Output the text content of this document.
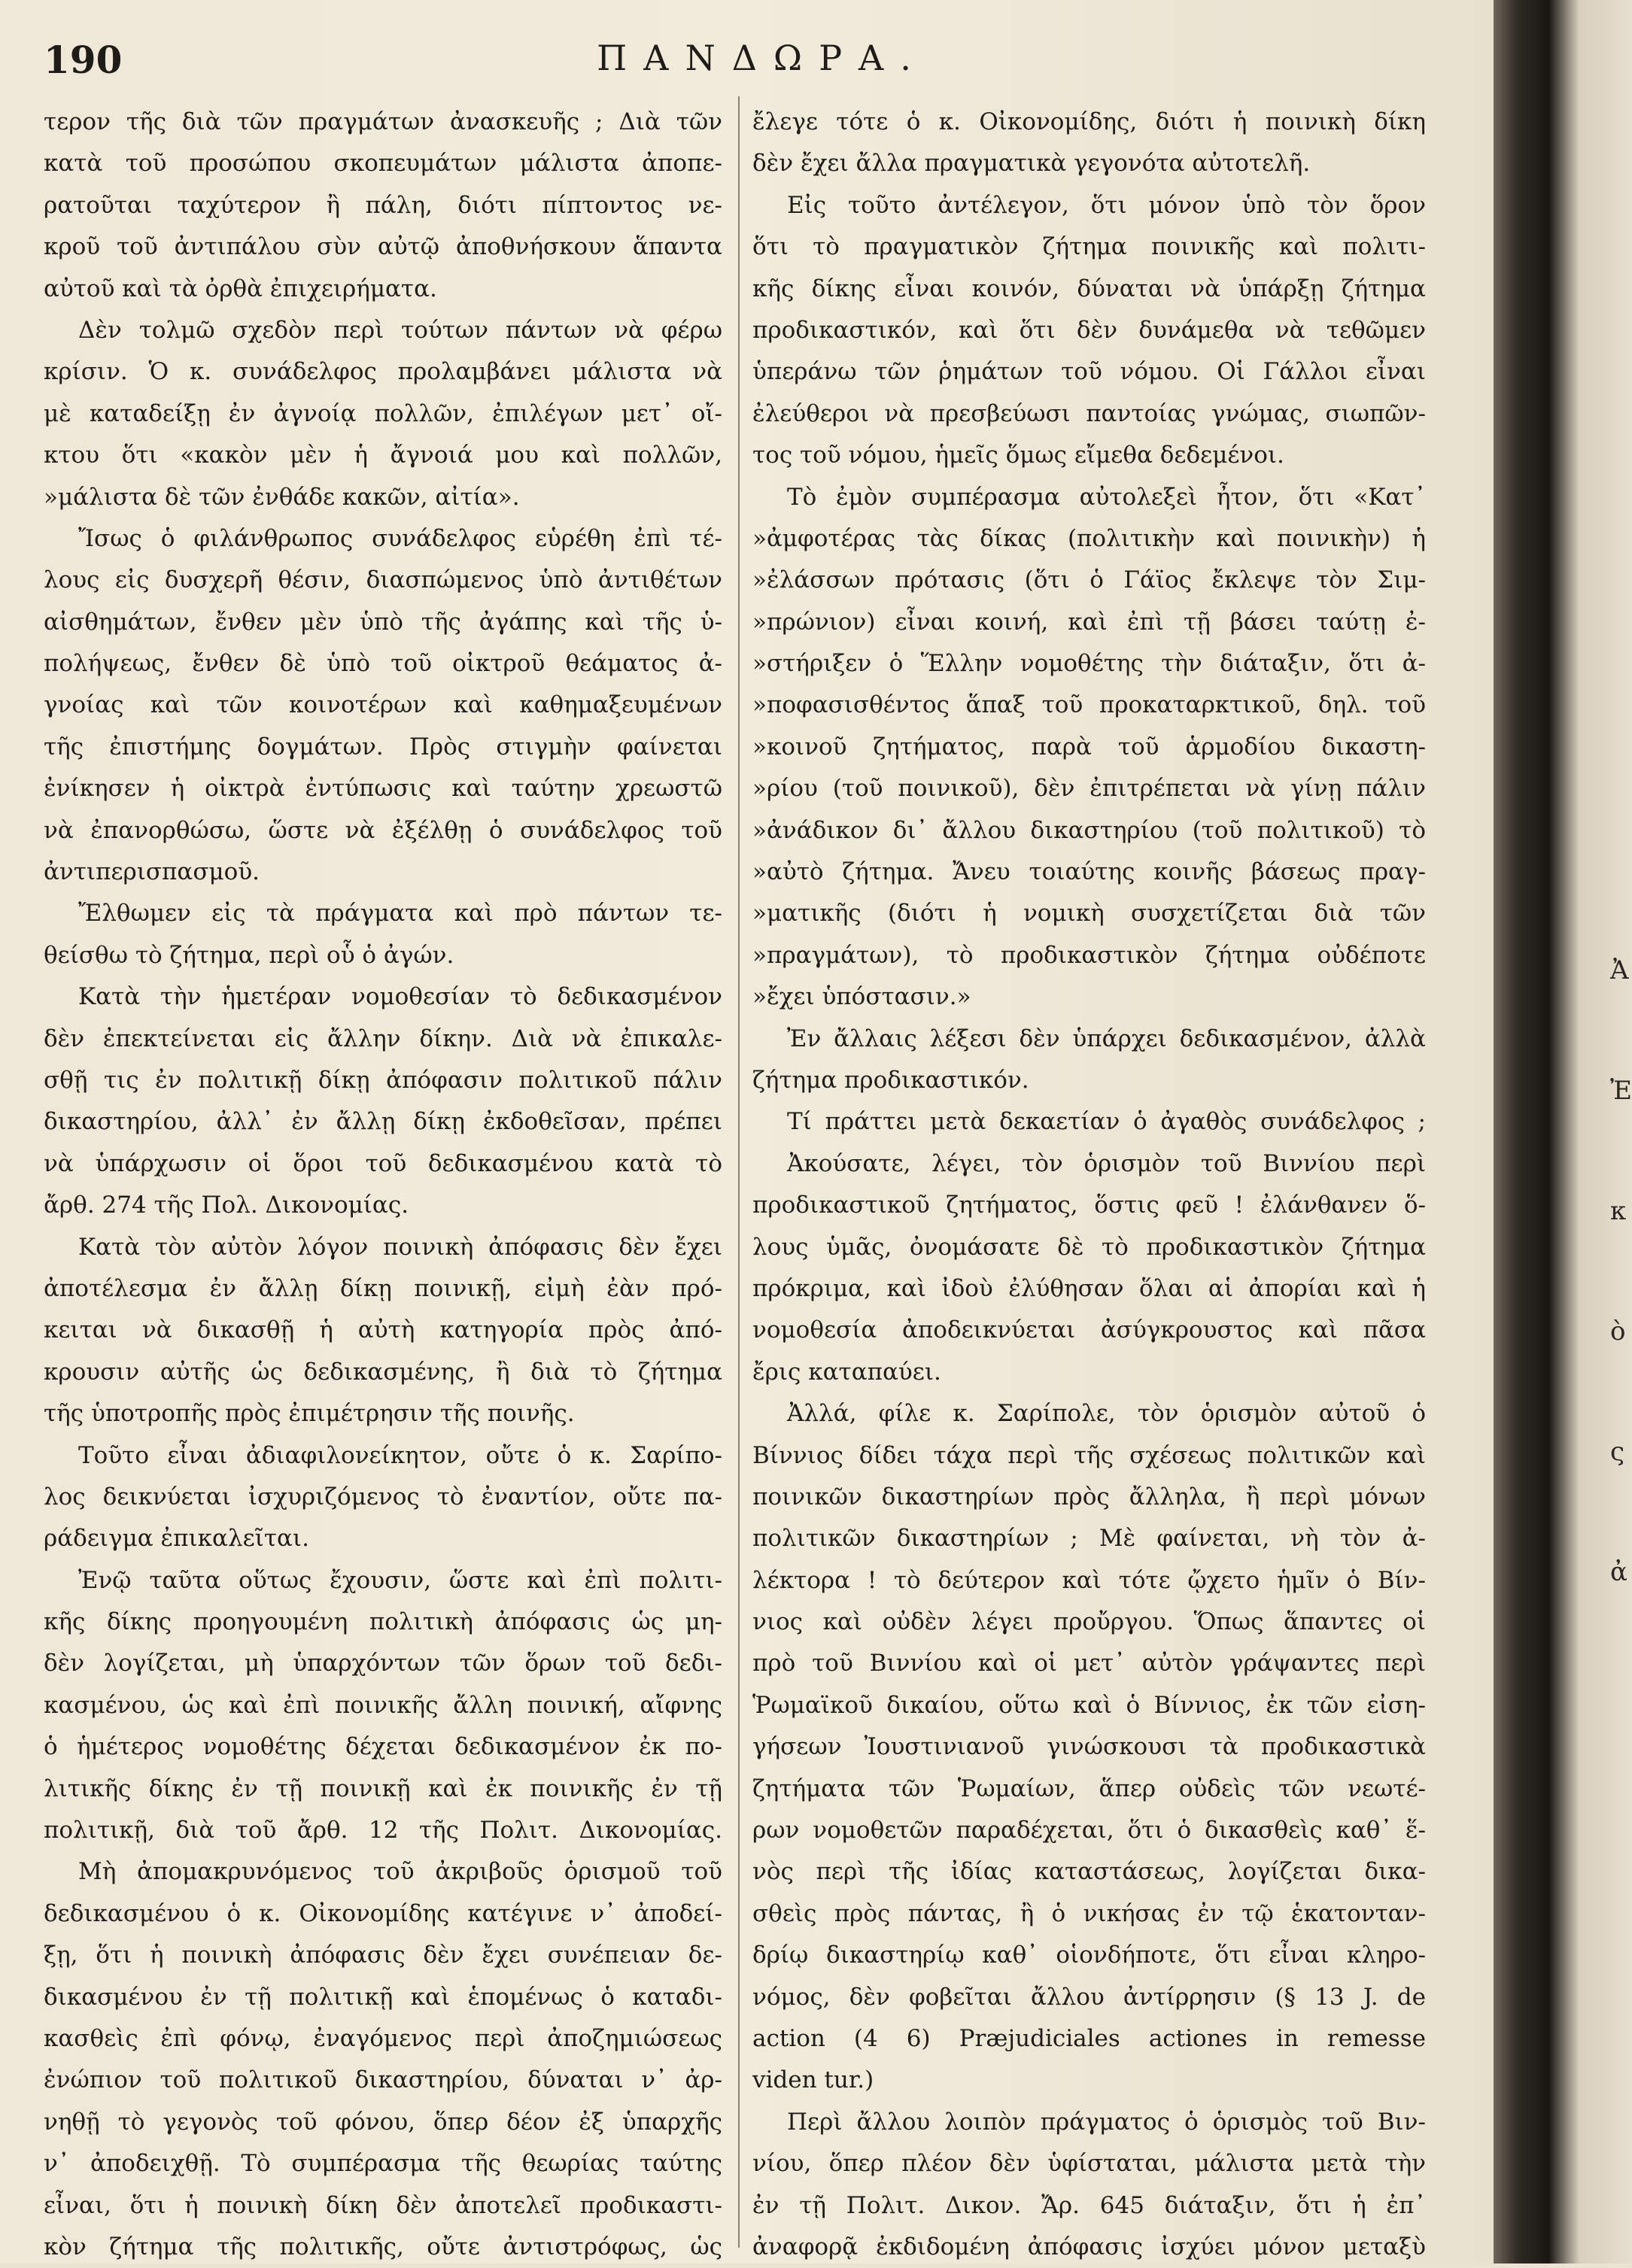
Ἀ
Ἐ
κ
ὸ
ς
ἀ
190	ΠΑΝΔΩΡΑ.
τερον τῆς διὰ τῶν πραγμάτων ἀνασκευῆς ; Διὰ τῶν
κατὰ τοῦ προσώπου σκοπευμάτων μάλιστα ἀποπε-
ρατοῦται ταχύτερον ἢ πάλη, διότι πίπτοντος νε-
κροῦ τοῦ ἀντιπάλου σὺν αὐτῷ ἀποθνήσκουν ἅπαντα
αὐτοῦ καὶ τὰ ὀρθὰ ἐπιχειρήματα.
Δὲν τολμῶ σχεδὸν περὶ τούτων πάντων νὰ φέρω
κρίσιν. Ὁ κ. συνάδελφος προλαμβάνει μάλιστα νὰ
μὲ καταδείξῃ ἐν ἀγνοίᾳ πολλῶν, ἐπιλέγων μετ᾽ οἴ-
κτου ὅτι «κακὸν μὲν ἡ ἄγνοιά μου καὶ πολλῶν,
»μάλιστα δὲ τῶν ἐνθάδε κακῶν, αἰτία».
Ἴσως ὁ φιλάνθρωπος συνάδελφος εὑρέθη ἐπὶ τέ-
λους εἰς δυσχερῆ θέσιν, διασπώμενος ὑπὸ ἀντιθέτων
αἰσθημάτων, ἔνθεν μὲν ὑπὸ τῆς ἀγάπης καὶ τῆς ὑ-
πολήψεως, ἔνθεν δὲ ὑπὸ τοῦ οἰκτροῦ θεάματος ἀ-
γνοίας καὶ τῶν κοινοτέρων καὶ καθημαξευμένων
τῆς ἐπιστήμης δογμάτων. Πρὸς στιγμὴν φαίνεται
ἐνίκησεν ἡ οἰκτρὰ ἐντύπωσις καὶ ταύτην χρεωστῶ
νὰ ἐπανορθώσω, ὥστε νὰ ἐξέλθῃ ὁ συνάδελφος τοῦ
ἀντιπερισπασμοῦ.
Ἔλθωμεν εἰς τὰ πράγματα καὶ πρὸ πάντων τε-
θείσθω τὸ ζήτημα, περὶ οὗ ὁ ἀγών.
Κατὰ τὴν ἡμετέραν νομοθεσίαν τὸ δεδικασμένον
δὲν ἐπεκτείνεται εἰς ἄλλην δίκην. Διὰ νὰ ἐπικαλε-
σθῇ τις ἐν πολιτικῇ δίκῃ ἀπόφασιν πολιτικοῦ πάλιν
δικαστηρίου, ἀλλ᾽ ἐν ἄλλῃ δίκῃ ἐκδοθεῖσαν, πρέπει
νὰ ὑπάρχωσιν οἱ ὅροι τοῦ δεδικασμένου κατὰ τὸ
ἄρθ. 274 τῆς Πολ. Δικονομίας.
Κατὰ τὸν αὐτὸν λόγον ποινικὴ ἀπόφασις δὲν ἔχει
ἀποτέλεσμα ἐν ἄλλῃ δίκῃ ποινικῇ, εἰμὴ ἐὰν πρό-
κειται νὰ δικασθῇ ἡ αὐτὴ κατηγορία πρὸς ἀπό-
κρουσιν αὐτῆς ὡς δεδικασμένης, ἢ διὰ τὸ ζήτημα
τῆς ὑποτροπῆς πρὸς ἐπιμέτρησιν τῆς ποινῆς.
Τοῦτο εἶναι ἀδιαφιλονείκητον, οὔτε ὁ κ. Σαρίπο-
λος δεικνύεται ἰσχυριζόμενος τὸ ἐναντίον, οὔτε πα-
ράδειγμα ἐπικαλεῖται.
Ἐνῷ ταῦτα οὕτως ἔχουσιν, ὥστε καὶ ἐπὶ πολιτι-
κῆς δίκης προηγουμένη πολιτικὴ ἀπόφασις ὡς μη-
δὲν λογίζεται, μὴ ὑπαρχόντων τῶν ὅρων τοῦ δεδι-
κασμένου, ὡς καὶ ἐπὶ ποινικῆς ἄλλη ποινική, αἴφνης
ὁ ἡμέτερος νομοθέτης δέχεται δεδικασμένον ἐκ πο-
λιτικῆς δίκης ἐν τῇ ποινικῇ καὶ ἐκ ποινικῆς ἐν τῇ
πολιτικῇ, διὰ τοῦ ἄρθ. 12 τῆς Πολιτ. Δικονομίας.
Μὴ ἀπομακρυνόμενος τοῦ ἀκριβοῦς ὁρισμοῦ τοῦ
δεδικασμένου ὁ κ. Οἰκονομίδης κατέγινε ν᾽ ἀποδεί-
ξῃ, ὅτι ἡ ποινικὴ ἀπόφασις δὲν ἔχει συνέπειαν δε-
δικασμένου ἐν τῇ πολιτικῇ καὶ ἑπομένως ὁ καταδι-
κασθεὶς ἐπὶ φόνῳ, ἐναγόμενος περὶ ἀποζημιώσεως
ἐνώπιον τοῦ πολιτικοῦ δικαστηρίου, δύναται ν᾽ ἀρ-
νηθῇ τὸ γεγονὸς τοῦ φόνου, ὅπερ δέον ἐξ ὑπαρχῆς
ν᾽ ἀποδειχθῇ. Τὸ συμπέρασμα τῆς θεωρίας ταύτης
εἶναι, ὅτι ἡ ποινικὴ δίκη δὲν ἀποτελεῖ προδικαστι-
κὸν ζήτημα τῆς πολιτικῆς, οὔτε ἀντιστρόφως, ὡς
ἔλεγε τότε ὁ κ. Οἰκονομίδης, διότι ἡ ποινικὴ δίκη
δὲν ἔχει ἄλλα πραγματικὰ γεγονότα αὐτοτελῆ.
Εἰς τοῦτο ἀντέλεγον, ὅτι μόνον ὑπὸ τὸν ὅρον
ὅτι τὸ πραγματικὸν ζήτημα ποινικῆς καὶ πολιτι-
κῆς δίκης εἶναι κοινόν, δύναται νὰ ὑπάρξῃ ζήτημα
προδικαστικόν, καὶ ὅτι δὲν δυνάμεθα νὰ τεθῶμεν
ὑπεράνω τῶν ῥημάτων τοῦ νόμου. Οἱ Γάλλοι εἶναι
ἐλεύθεροι νὰ πρεσβεύωσι παντοίας γνώμας, σιωπῶν-
τος τοῦ νόμου, ἡμεῖς ὅμως εἴμεθα δεδεμένοι.
Τὸ ἐμὸν συμπέρασμα αὐτολεξεὶ ἦτον, ὅτι «Κατ᾽
»ἀμφοτέρας τὰς δίκας (πολιτικὴν καὶ ποινικὴν) ἡ
»ἐλάσσων πρότασις (ὅτι ὁ Γάϊος ἔκλεψε τὸν Σιμ-
»πρώνιον) εἶναι κοινή, καὶ ἐπὶ τῇ βάσει ταύτῃ ἐ-
»στήριξεν ὁ Ἕλλην νομοθέτης τὴν διάταξιν, ὅτι ἀ-
»ποφασισθέντος ἅπαξ τοῦ προκαταρκτικοῦ, δηλ. τοῦ
»κοινοῦ ζητήματος, παρὰ τοῦ ἁρμοδίου δικαστη-
»ρίου (τοῦ ποινικοῦ), δὲν ἐπιτρέπεται νὰ γίνῃ πάλιν
»ἀνάδικον δι᾽ ἄλλου δικαστηρίου (τοῦ πολιτικοῦ) τὸ
»αὐτὸ ζήτημα. Ἄνευ τοιαύτης κοινῆς βάσεως πραγ-
»ματικῆς (διότι ἡ νομικὴ συσχετίζεται διὰ τῶν
»πραγμάτων), τὸ προδικαστικὸν ζήτημα οὐδέποτε
»ἔχει ὑπόστασιν.»
Ἐν ἄλλαις λέξεσι δὲν ὑπάρχει δεδικασμένον, ἀλλὰ
ζήτημα προδικαστικόν.
Τί πράττει μετὰ δεκαετίαν ὁ ἀγαθὸς συνάδελφος ;
Ἀκούσατε, λέγει, τὸν ὁρισμὸν τοῦ Βιννίου περὶ
προδικαστικοῦ ζητήματος, ὅστις φεῦ ! ἐλάνθανεν ὅ-
λους ὑμᾶς, ὀνομάσατε δὲ τὸ προδικαστικὸν ζήτημα
πρόκριμα, καὶ ἰδοὺ ἐλύθησαν ὅλαι αἱ ἀπορίαι καὶ ἡ
νομοθεσία ἀποδεικνύεται ἀσύγκρουστος καὶ πᾶσα
ἔρις καταπαύει.
Ἀλλά, φίλε κ. Σαρίπολε, τὸν ὁρισμὸν αὐτοῦ ὁ
Βίννιος δίδει τάχα περὶ τῆς σχέσεως πολιτικῶν καὶ
ποινικῶν δικαστηρίων πρὸς ἄλληλα, ἢ περὶ μόνων
πολιτικῶν δικαστηρίων ; Μὲ φαίνεται, νὴ τὸν ἀ-
λέκτορα ! τὸ δεύτερον καὶ τότε ᾤχετο ἡμῖν ὁ Βίν-
νιος καὶ οὐδὲν λέγει προὔργου. Ὅπως ἅπαντες οἱ
πρὸ τοῦ Βιννίου καὶ οἱ μετ᾽ αὐτὸν γράψαντες περὶ
Ῥωμαϊκοῦ δικαίου, οὕτω καὶ ὁ Βίννιος, ἐκ τῶν εἰση-
γήσεων Ἰουστινιανοῦ γινώσκουσι τὰ προδικαστικὰ
ζητήματα τῶν Ῥωμαίων, ἅπερ οὐδεὶς τῶν νεωτέ-
ρων νομοθετῶν παραδέχεται, ὅτι ὁ δικασθεὶς καθ᾽ ἕ-
νὸς περὶ τῆς ἰδίας καταστάσεως, λογίζεται δικα-
σθεὶς πρὸς πάντας, ἢ ὁ νικήσας ἐν τῷ ἑκατονταν-
δρίῳ δικαστηρίῳ καθ᾽ οἱονδήποτε, ὅτι εἶναι κληρο-
νόμος, δὲν φοβεῖται ἄλλου ἀντίρρησιν (§ 13 J. de
action (4 6) Præjudiciales actiones in remesse
viden tur.)
Περὶ ἄλλου λοιπὸν πράγματος ὁ ὁρισμὸς τοῦ Βιν-
νίου, ὅπερ πλέον δὲν ὑφίσταται, μάλιστα μετὰ τὴν
ἐν τῇ Πολιτ. Δικον. Ἄρ. 645 διάταξιν, ὅτι ἡ ἐπ᾽
ἀναφορᾷ ἐκδιδομένη ἀπόφασις ἰσχύει μόνον μεταξὺ
